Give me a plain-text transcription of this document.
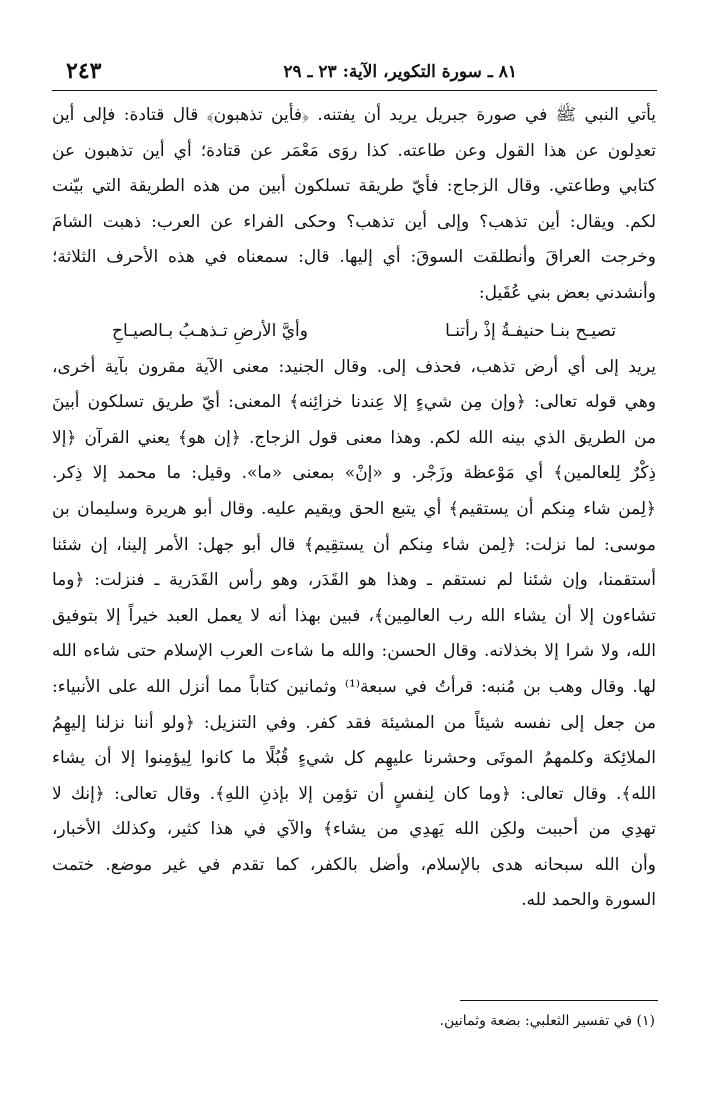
٨١ ـ سورة التكوير، الآية: ٢٣ ـ ٢٩
٢٤٣
يأتي النبي ﷺ في صورة جبريل يريد أن يفتنه. ﴿فأين تذهبون﴾ قال قتادة: فإلى أين
تعدِلون عن هذا القول وعن طاعته. كذا روَى مَعْمَر عن قتادة؛ أي أين تذهبون عن
كتابي وطاعتي. وقال الزجاج: فأيّ طريقة تسلكون أبين من هذه الطريقة التي بيّنت
لكم. ويقال: أين تذهب؟ وإلى أين تذهب؟ وحكى الفراء عن العرب: ذهبت الشامَ
وخرجت العراقَ وأنطلقت السوقَ: أي إليها. قال: سمعناه في هذه الأحرف الثلاثة؛
وأنشدني بعض بني عُقَيل:
تصيـح بنـا حنيفـةُ إذْ رأتنـا
وأيَّ الأرضِ تـذهـبُ بـالصيـاحِ
يريد إلى أي أرض تذهب، فحذف إلى. وقال الجنيد: معنى الآية مقرون بآية أخرى،
وهي قوله تعالى: ﴿وإن مِن شيءٍ إلا عِندنا خزائِنه﴾ المعنى: أيّ طريق تسلكون أبينَ
من الطريق الذي بينه الله لكم. وهذا معنى قول الزجاج. ﴿إن هو﴾ يعني القرآن ﴿إلا
ذِكْرٌ لِلعالمين﴾ أي مَوْعظة وزَجْر. و «إنْ» بمعنى «ما». وقيل: ما محمد إلا ذِكر.
﴿لِمن شاء مِنكم أن يستقيم﴾ أي يتبع الحق ويقيم عليه. وقال أبو هريرة وسليمان بن
موسى: لما نزلت: ﴿لِمن شاء مِنكم أن يستقِيم﴾ قال أبو جهل: الأمر إلينا، إن شئنا
أستقمنا، وإن شئنا لم نستقم ـ وهذا هو القَدَر، وهو رأس القَدَرية ـ فنزلت: ﴿وما
تشاءون إلا أن يشاء الله رب العالمِين﴾، فبين بهذا أنه لا يعمل العبد خيراً إلا بتوفيق
الله، ولا شرا إلا بخذلانه. وقال الحسن: والله ما شاءت العرب الإسلام حتى شاءه الله
لها. وقال وهب بن مُنبه: قرأتُ في سبعة⁽¹⁾ وثمانين كتاباً مما أنزل الله على الأنبياء:
من جعل إلى نفسه شيئاً من المشيئة فقد كفر. وفي التنزيل: ﴿ولو أننا نزلنا إليهِمُ
الملائِكة وكلمهمُ الموتَى وحشرنا عليهِم كل شيءٍ قُبُلًا ما كانوا لِيؤمِنوا إلا أن يشاء
الله﴾. وقال تعالى: ﴿وما كان لِنفسٍ أن تؤمِن إلا بإذنِ اللهِ﴾. وقال تعالى: ﴿إنك لا
تهدِي من أحببت ولكِن الله يَهدِي من يشاء﴾ والآي في هذا كثير، وكذلك الأخبار،
وأن الله سبحانه هدى بالإسلام، وأضل بالكفر، كما تقدم في غير موضع. ختمت
السورة والحمد لله.
(١) في تفسير الثعلبي: بضعة وثمانين.
